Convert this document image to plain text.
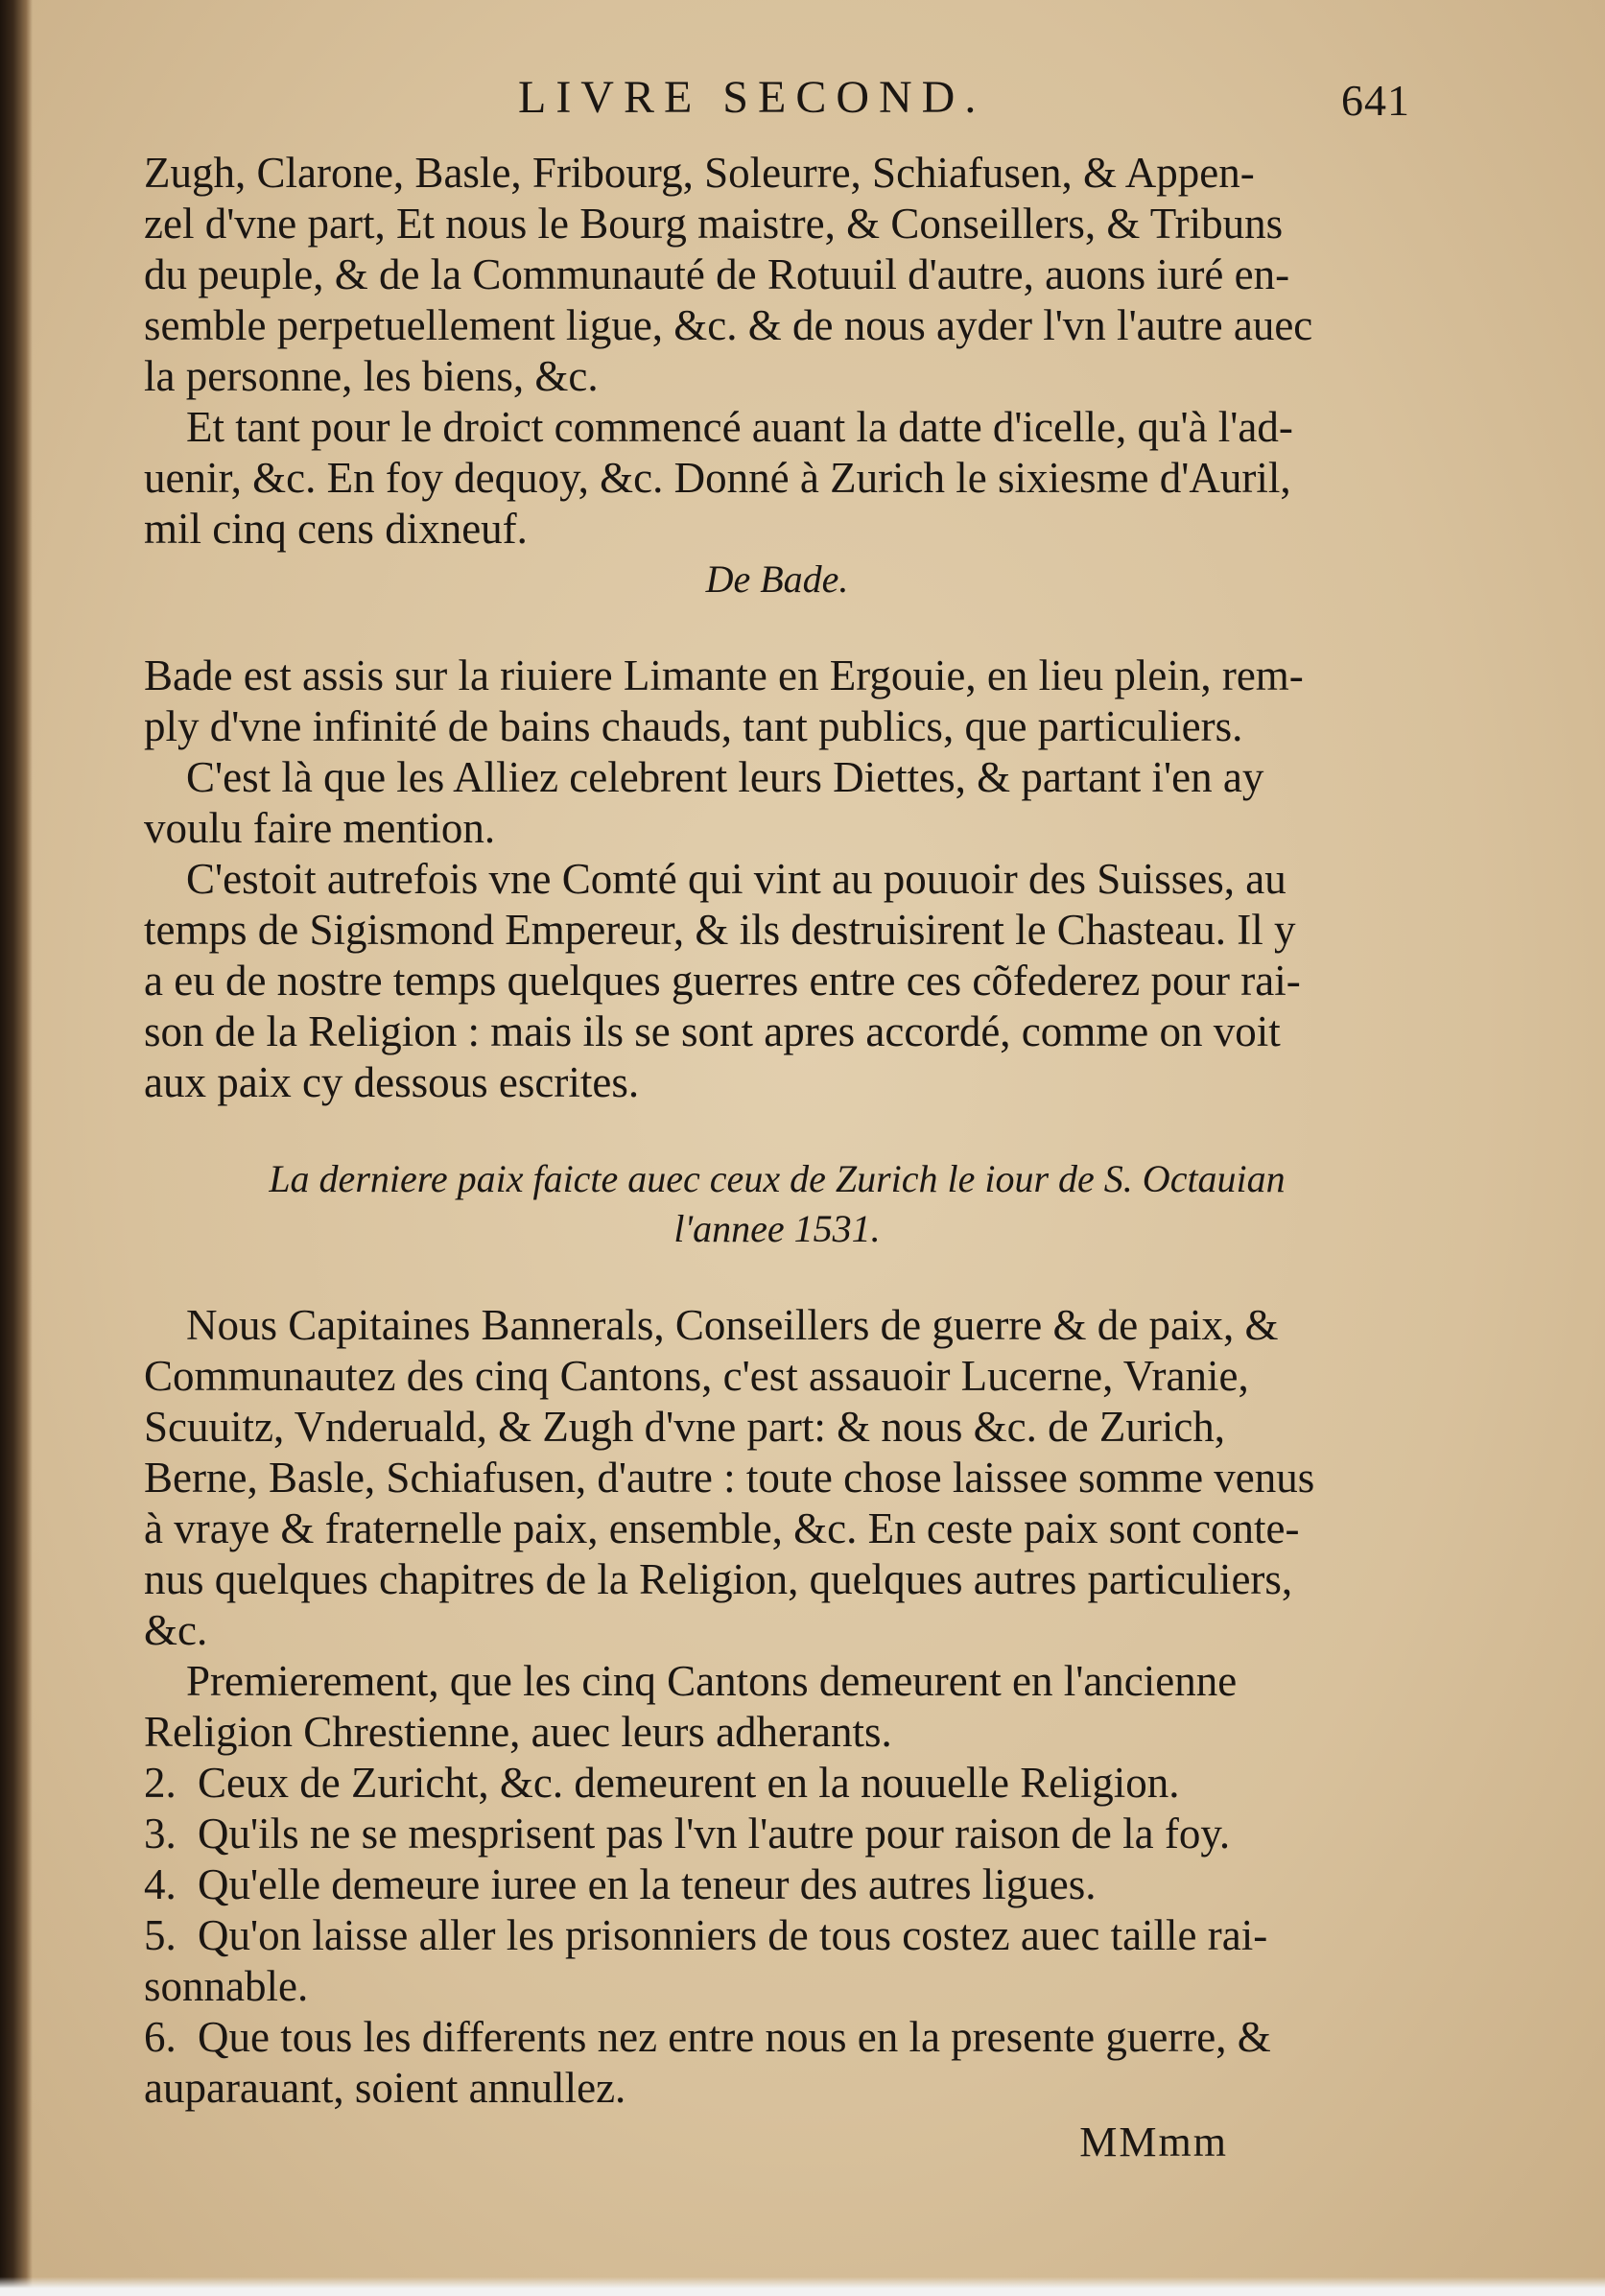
LIVRE SECOND.	641
Zugh, Clarone, Basle, Fribourg, Soleurre, Schiafusen, & Appen-
zel d'vne part, Et nous le Bourg maistre, & Conseillers, & Tribuns
du peuple, & de la Communauté de Rotuuil d'autre, auons iuré en-
semble perpetuellement ligue, &c. & de nous ayder l'vn l'autre auec
la personne, les biens, &c.
Et tant pour le droict commencé auant la datte d'icelle, qu'à l'ad-
uenir, &c. En foy dequoy, &c. Donné à Zurich le sixiesme d'Auril,
mil cinq cens dixneuf.
De Bade.
Bade est assis sur la riuiere Limante en Ergouie, en lieu plein, rem-
ply d'vne infinité de bains chauds, tant publics, que particuliers.
C'est là que les Alliez celebrent leurs Diettes, & partant i'en ay
voulu faire mention.
C'estoit autrefois vne Comté qui vint au pouuoir des Suisses, au
temps de Sigismond Empereur, & ils destruisirent le Chasteau. Il y
a eu de nostre temps quelques guerres entre ces cõfederez pour rai-
son de la Religion : mais ils se sont apres accordé, comme on voit
aux paix cy dessous escrites.
La derniere paix faicte auec ceux de Zurich le iour de S. Octauian
l'annee 1531.
Nous Capitaines Bannerals, Conseillers de guerre & de paix, &
Communautez des cinq Cantons, c'est assauoir Lucerne, Vranie,
Scuuitz, Vnderuald, & Zugh d'vne part: & nous &c. de Zurich,
Berne, Basle, Schiafusen, d'autre : toute chose laissee somme venus
à vraye & fraternelle paix, ensemble, &c. En ceste paix sont conte-
nus quelques chapitres de la Religion, quelques autres particuliers,
&c.
Premierement, que les cinq Cantons demeurent en l'ancienne
Religion Chrestienne, auec leurs adherants.
2. Ceux de Zuricht, &c. demeurent en la nouuelle Religion.
3. Qu'ils ne se mesprisent pas l'vn l'autre pour raison de la foy.
4. Qu'elle demeure iuree en la teneur des autres ligues.
5. Qu'on laisse aller les prisonniers de tous costez auec taille rai-
sonnable.
6. Que tous les differents nez entre nous en la presente guerre, &
auparauant, soient annullez.
MMmm
